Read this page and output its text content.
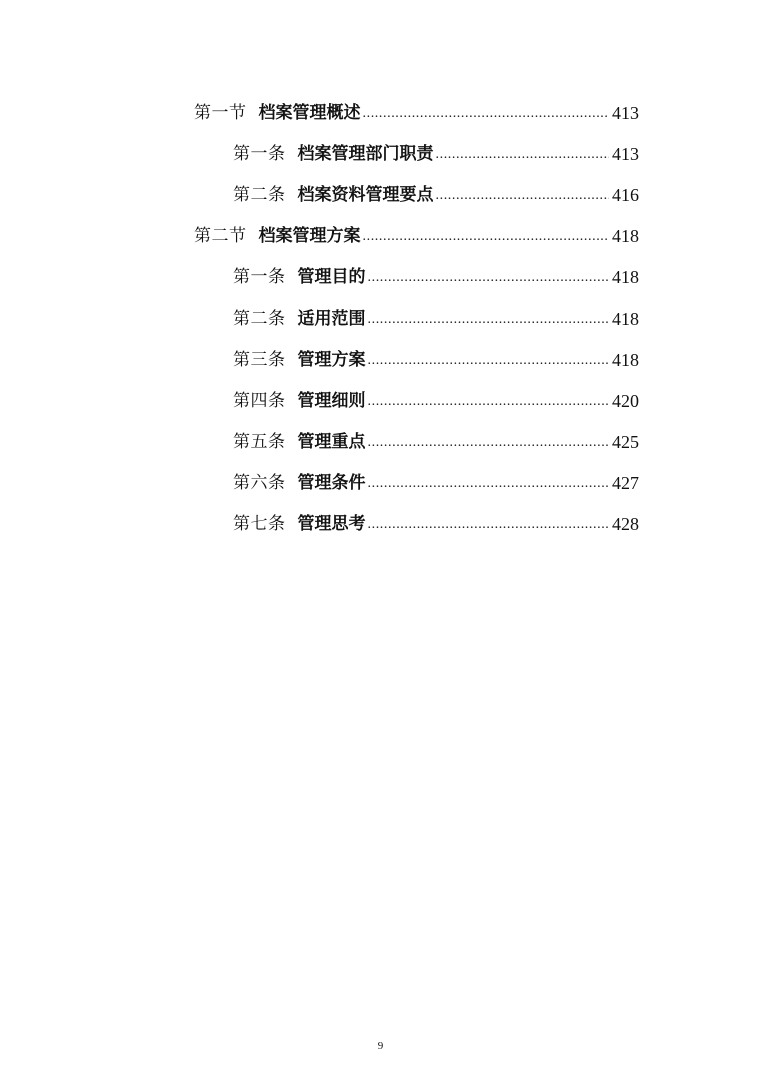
第一节 档案管理概述 .....	413
第一条 档案管理部门职责 .....	413
第二条 档案资料管理要点 .....	416
第二节 档案管理方案 .....	418
第一条 管理目的 .....	418
第二条 适用范围 .....	418
第三条 管理方案 .....	418
第四条 管理细则 .....	420
第五条 管理重点 .....	425
第六条 管理条件 .....	427
第七条 管理思考 .....	428
9
